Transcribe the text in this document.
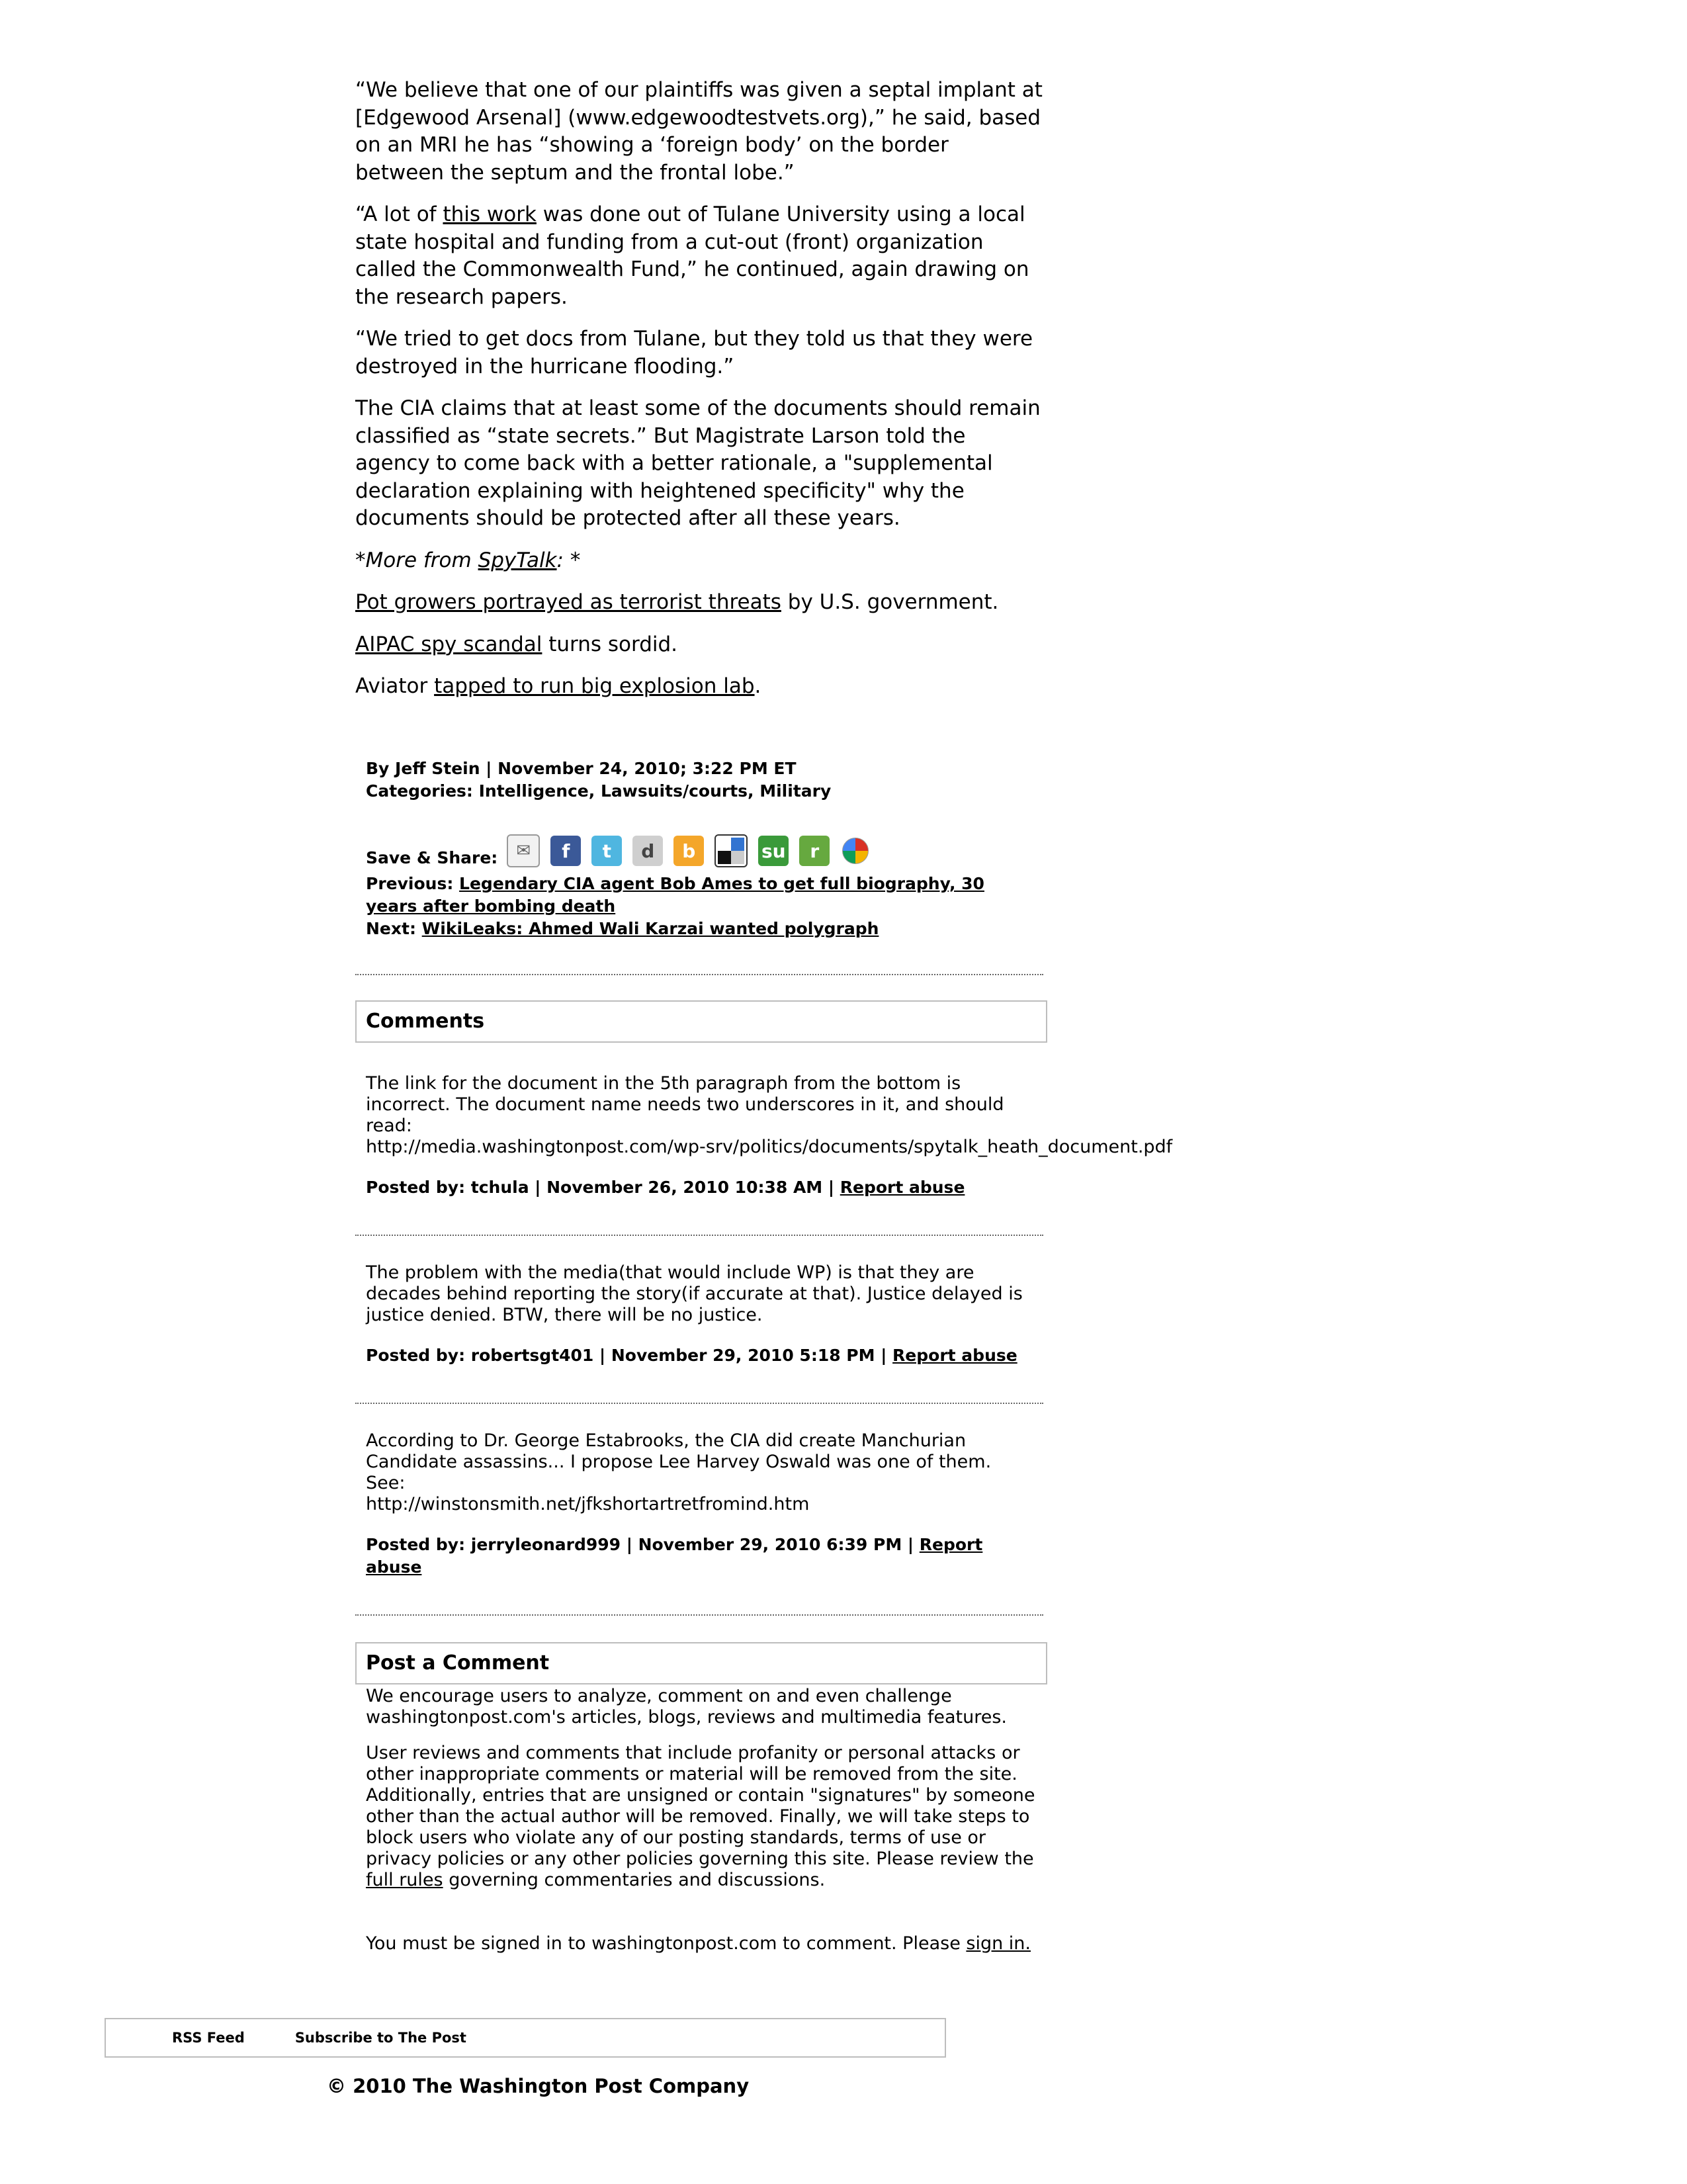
“We believe that one of our plaintiffs was given a septal implant at [Edgewood Arsenal] (www.edgewoodtestvets.org),” he said, based on an MRI he has “showing a ‘foreign body’ on the border between the septum and the frontal lobe.”

“A lot of this work was done out of Tulane University using a local state hospital and funding from a cut-out (front) organization called the Commonwealth Fund,” he continued, again drawing on the research papers.

“We tried to get docs from Tulane, but they told us that they were destroyed in the hurricane flooding.”

The CIA claims that at least some of the documents should remain classified as “state secrets.” But Magistrate Larson told the agency to come back with a better rationale, a "supplemental declaration explaining with heightened specificity" why the documents should be protected after all these years.

*More from SpyTalk: *

Pot growers portrayed as terrorist threats by U.S. government.

AIPAC spy scandal turns sordid.

Aviator tapped to run big explosion lab.

By Jeff Stein | November 24, 2010; 3:22 PM ET
Categories: Intelligence, Lawsuits/courts, Military
Save & Share:	✉	f	t	d	b	su	r
Previous: Legendary CIA agent Bob Ames to get full biography, 30 years after bombing death
Next: WikiLeaks: Ahmed Wali Karzai wanted polygraph
Comments
The link for the document in the 5th paragraph from the bottom is
incorrect. The document name needs two underscores in it, and should
read:
http://media.washingtonpost.com/wp-srv/politics/documents/spytalk_heath_document.pdf
Posted by: tchula | November 26, 2010 10:38 AM | Report abuse
The problem with the media(that would include WP) is that they are
decades behind reporting the story(if accurate at that). Justice delayed is
justice denied. BTW, there will be no justice.
Posted by: robertsgt401 | November 29, 2010 5:18 PM | Report abuse
According to Dr. George Estabrooks, the CIA did create Manchurian
Candidate assassins... I propose Lee Harvey Oswald was one of them.
See:
http://winstonsmith.net/jfkshortartretfromind.htm
Posted by: jerryleonard999 | November 29, 2010 6:39 PM | Report abuse
Post a Comment
We encourage users to analyze, comment on and even challenge washingtonpost.com's articles, blogs, reviews and multimedia features.
User reviews and comments that include profanity or personal attacks or other inappropriate comments or material will be removed from the site. Additionally, entries that are unsigned or contain "signatures" by someone other than the actual author will be removed. Finally, we will take steps to block users who violate any of our posting standards, terms of use or privacy policies or any other policies governing this site. Please review the full rules governing commentaries and discussions.
You must be signed in to washingtonpost.com to comment. Please sign in.
RSS Feed	Subscribe to The Post
© 2010 The Washington Post Company
